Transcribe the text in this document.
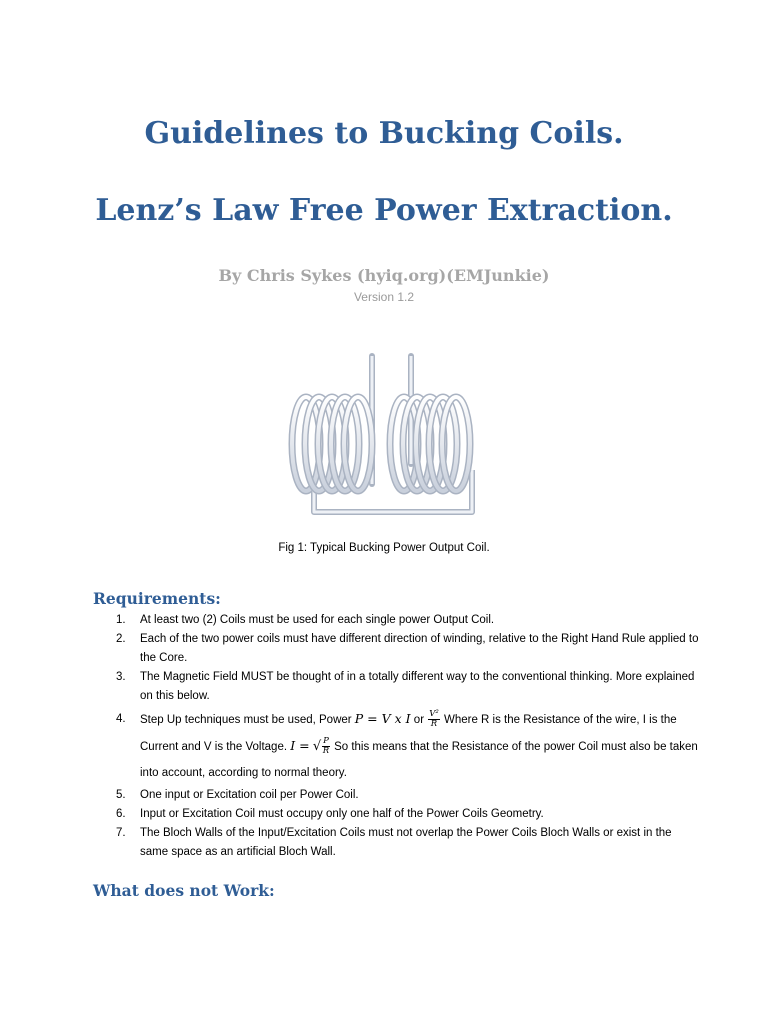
Guidelines to Bucking Coils.
Lenz’s Law Free Power Extraction.
By Chris Sykes (hyiq.org)(EMJunkie)
Version 1.2
Fig 1: Typical Bucking Power Output Coil.
Requirements:
1. At least two (2) Coils must be used for each single power Output Coil.
2. Each of the two power coils must have different direction of winding, relative to the Right Hand Rule applied to the Core.
3. The Magnetic Field MUST be thought of in a totally different way to the conventional thinking. More explained on this below.
4. Step Up techniques must be used, Power P = V x I or $\frac{\text{V²}}{R}$ Where R is the Resistance of the wire, I is the Current and V is the Voltage. I = √ $\frac{P}{R}$ So this means that the Resistance of the power Coil must also be taken into account, according to normal theory.
5. One input or Excitation coil per Power Coil.
6. Input or Excitation Coil must occupy only one half of the Power Coils Geometry.
7. The Bloch Walls of the Input/Excitation Coils must not overlap the Power Coils Bloch Walls or exist in the same space as an artificial Bloch Wall.
What does not Work:
